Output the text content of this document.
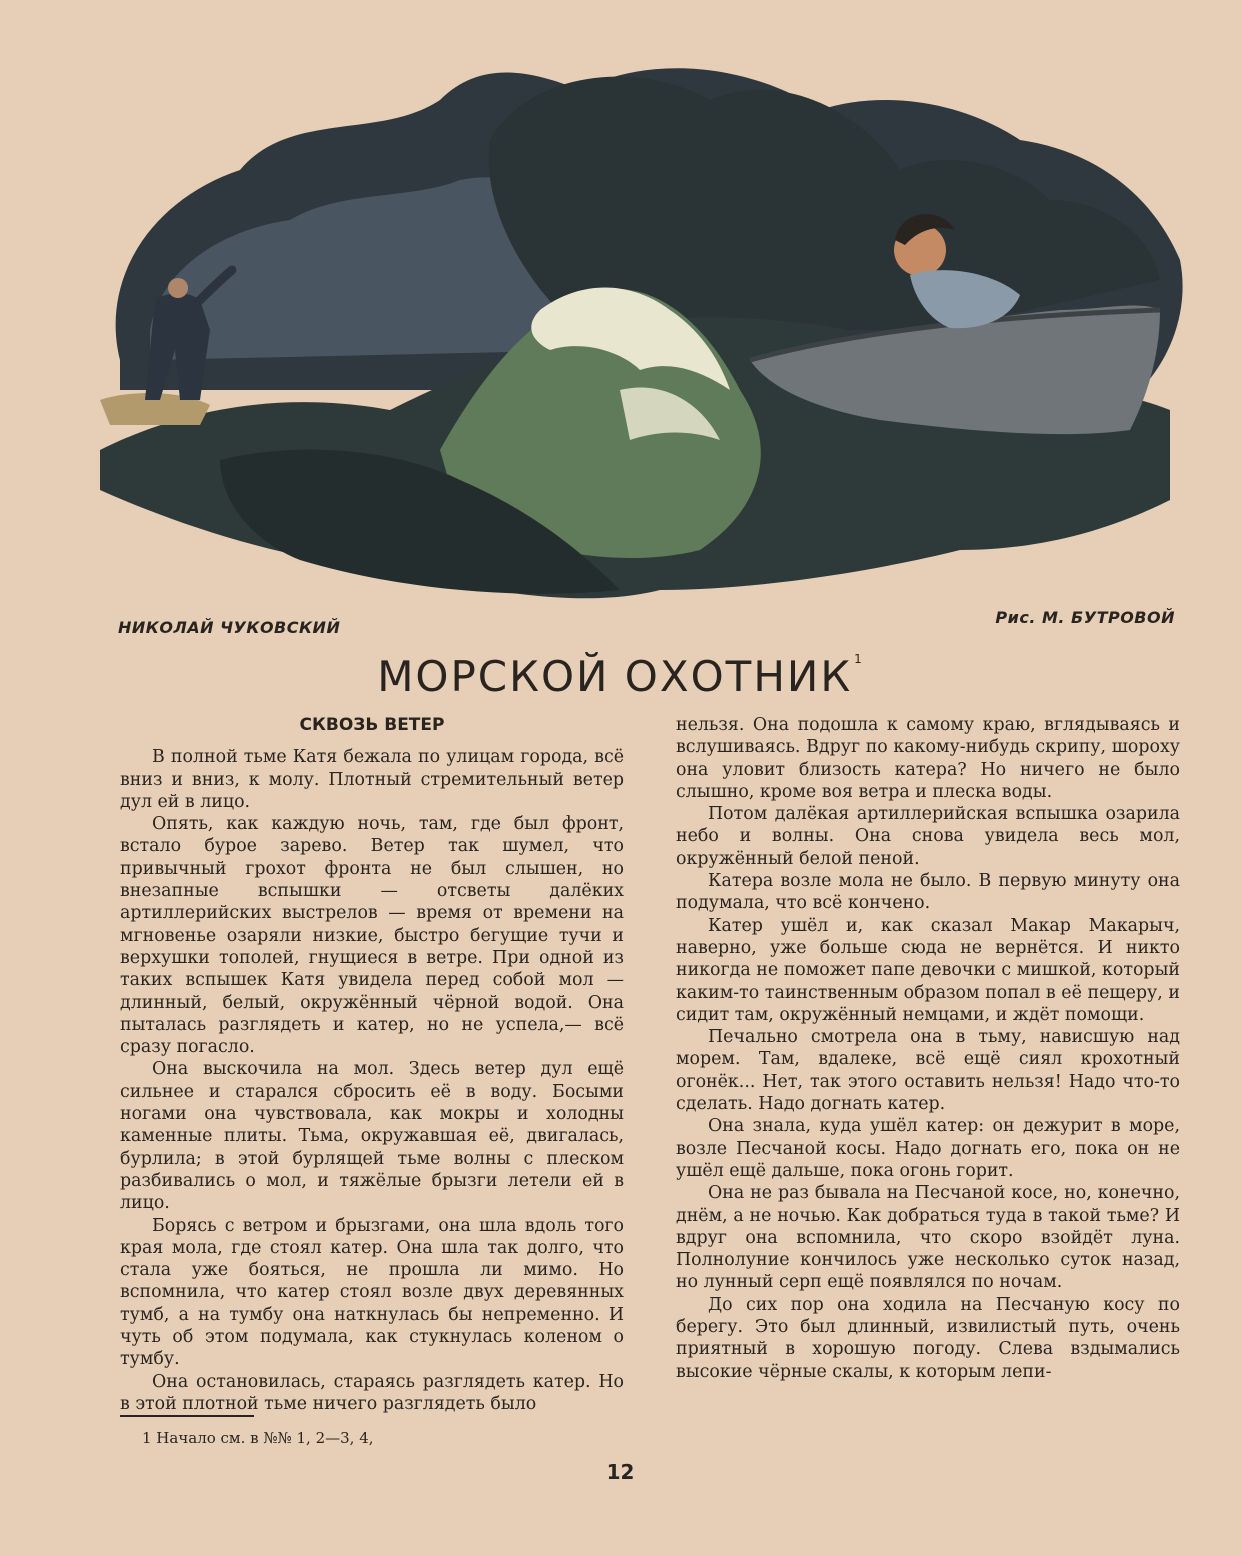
НИКОЛАЙ ЧУКОВСКИЙ
Рис. М. БУТРОВОЙ
МОРСКОЙ ОХОТНИК $^1$
СКВОЗЬ ВЕТЕР

В полной тьме Катя бежала по улицам города, всё вниз и вниз, к молу. Плотный стремительный ветер дул ей в лицо.

Опять, как каждую ночь, там, где был фронт, встало бурое зарево. Ветер так шумел, что привычный грохот фронта не был слышен, но внезапные вспышки — отсветы далёких артиллерийских выстрелов — время от времени на мгновенье озаряли низкие, быстро бегущие тучи и верхушки тополей, гнущиеся в ветре. При одной из таких вспышек Катя увидела перед собой мол — длинный, белый, окружённый чёрной водой. Она пыталась разглядеть и катер, но не успела,— всё сразу погасло.

Она выскочила на мол. Здесь ветер дул ещё сильнее и старался сбросить её в воду. Босыми ногами она чувствовала, как мокры и холодны каменные плиты. Тьма, окружавшая её, двигалась, бурлила; в этой бурлящей тьме волны с плеском разбивались о мол, и тяжёлые брызги летели ей в лицо.

Борясь с ветром и брызгами, она шла вдоль того края мола, где стоял катер. Она шла так долго, что стала уже бояться, не прошла ли мимо. Но вспомнила, что катер стоял возле двух деревянных тумб, а на тумбу она наткнулась бы непременно. И чуть об этом подумала, как стукнулась коленом о тумбу.

Она остановилась, стараясь разглядеть катер. Но в этой плотной тьме ничего разглядеть было

нельзя. Она подошла к самому краю, вглядываясь и вслушиваясь. Вдруг по какому-нибудь скрипу, шороху она уловит близость катера? Но ничего не было слышно, кроме воя ветра и плеска воды.

Потом далёкая артиллерийская вспышка озарила небо и волны. Она снова увидела весь мол, окружённый белой пеной.

Катера возле мола не было. В первую минуту она подумала, что всё кончено.

Катер ушёл и, как сказал Макар Макарыч, наверно, уже больше сюда не вернётся. И никто никогда не поможет папе девочки с мишкой, который каким-то таинственным образом попал в её пещеру, и сидит там, окружённый немцами, и ждёт помощи.

Печально смотрела она в тьму, нависшую над морем. Там, вдалеке, всё ещё сиял крохотный огонёк... Нет, так этого оставить нельзя! Надо что-то сделать. Надо догнать катер.

Она знала, куда ушёл катер: он дежурит в море, возле Песчаной косы. Надо догнать его, пока он не ушёл ещё дальше, пока огонь горит.

Она не раз бывала на Песчаной косе, но, конечно, днём, а не ночью. Как добраться туда в такой тьме? И вдруг она вспомнила, что скоро взойдёт луна. Полнолуние кончилось уже несколько суток назад, но лунный серп ещё появлялся по ночам.

До сих пор она ходила на Песчаную косу по берегу. Это был длинный, извилистый путь, очень приятный в хорошую погоду. Слева вздымались высокие чёрные скалы, к которым лепи-

1 Начало см. в №№ 1, 2—3, 4,
12
